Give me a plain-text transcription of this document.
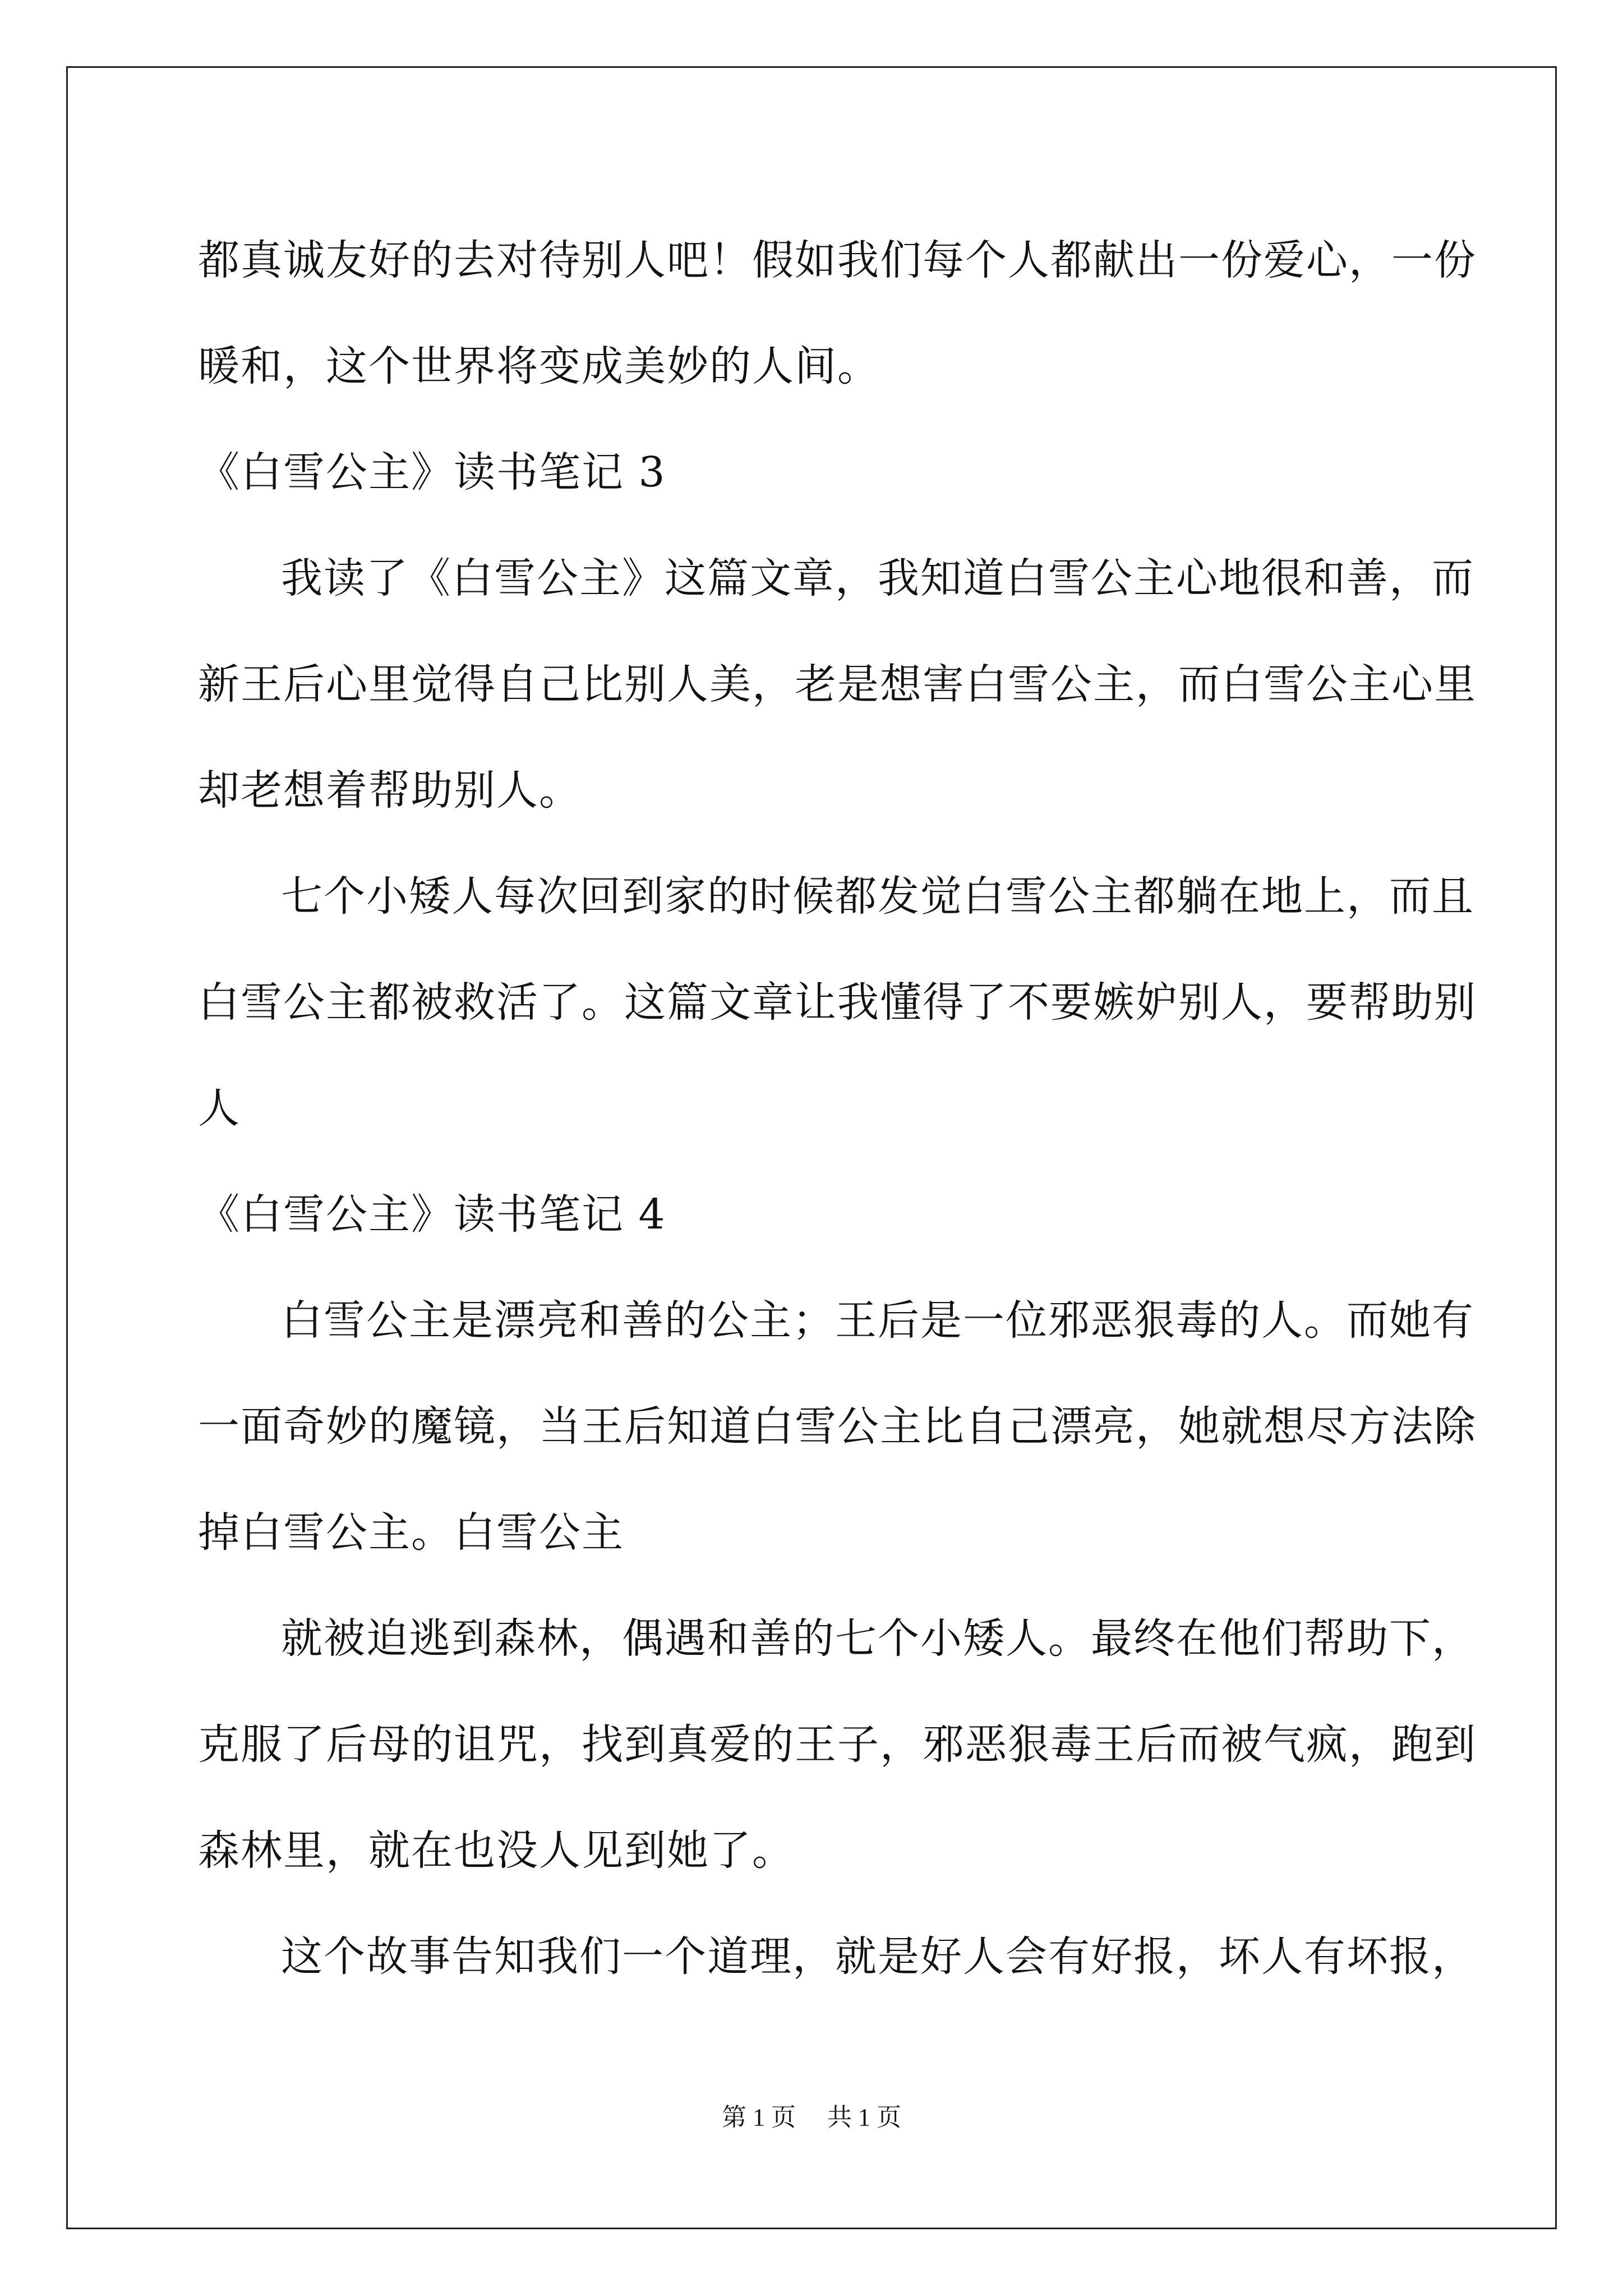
都真诚友好的去对待别人吧！假如我们每个人都献出一份爱心，一份
暖和，这个世界将变成美妙的人间。
《白雪公主》读书笔记 3
我读了《白雪公主》这篇文章，我知道白雪公主心地很和善，而
新王后心里觉得自己比别人美，老是想害白雪公主，而白雪公主心里
却老想着帮助别人。
七个小矮人每次回到家的时候都发觉白雪公主都躺在地上，而且
白雪公主都被救活了。这篇文章让我懂得了不要嫉妒别人，要帮助别
人
《白雪公主》读书笔记 4
白雪公主是漂亮和善的公主；王后是一位邪恶狠毒的人。而她有
一面奇妙的魔镜，当王后知道白雪公主比自己漂亮，她就想尽方法除
掉白雪公主。白雪公主
就被迫逃到森林，偶遇和善的七个小矮人。最终在他们帮助下，
克服了后母的诅咒，找到真爱的王子，邪恶狠毒王后而被气疯，跑到
森林里，就在也没人见到她了。
这个故事告知我们一个道理，就是好人会有好报，坏人有坏报，
第 1 页 共 1 页
